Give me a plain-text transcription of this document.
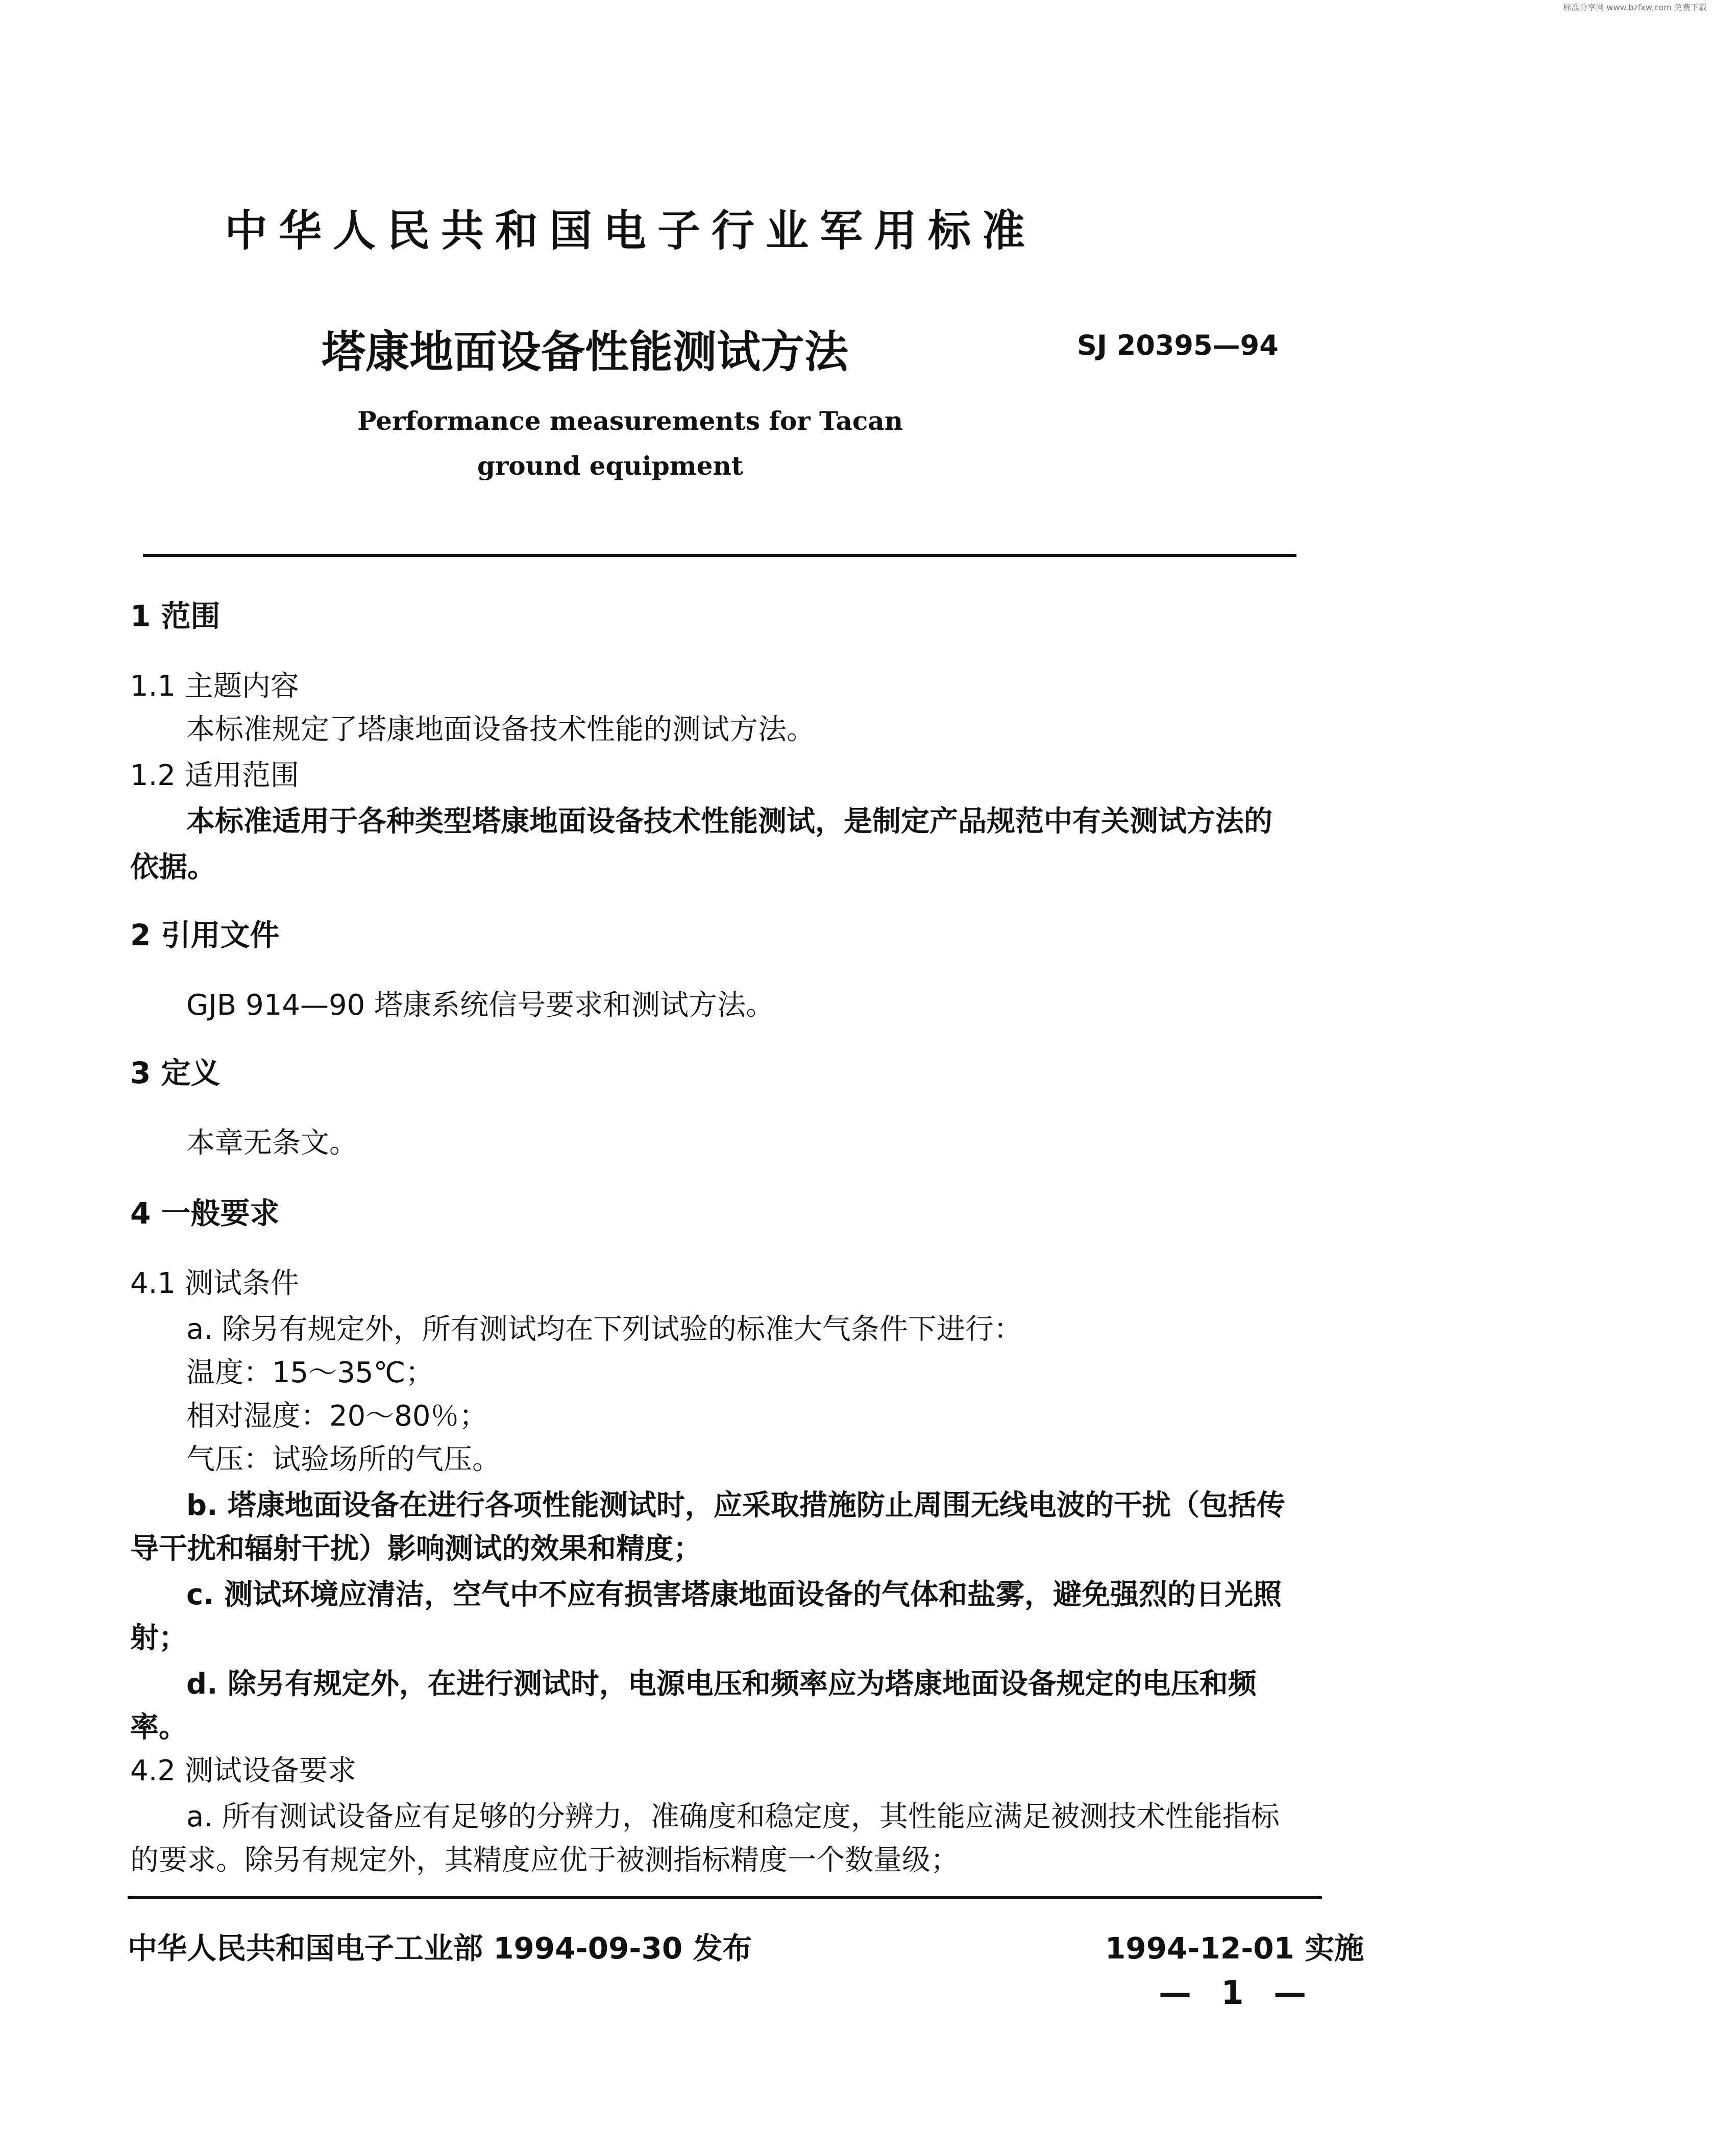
标准分享网 www.bzfxw.com 免费下载
中华人民共和国电子行业军用标准
塔康地面设备性能测试方法	SJ 20395—94
Performance measurements for Tacan
ground equipment
1 范围
1.1 主题内容
本标准规定了塔康地面设备技术性能的测试方法。
1.2 适用范围
本标准适用于各种类型塔康地面设备技术性能测试，是制定产品规范中有关测试方法的
依据。
2 引用文件
GJB 914—90 塔康系统信号要求和测试方法。
3 定义
本章无条文。
4 一般要求
4.1 测试条件
a. 除另有规定外，所有测试均在下列试验的标准大气条件下进行：
温度：15～35℃；
相对湿度：20～80％；
气压：试验场所的气压。
b. 塔康地面设备在进行各项性能测试时，应采取措施防止周围无线电波的干扰（包括传
导干扰和辐射干扰）影响测试的效果和精度；
c. 测试环境应清洁，空气中不应有损害塔康地面设备的气体和盐雾，避免强烈的日光照
射；
d. 除另有规定外，在进行测试时，电源电压和频率应为塔康地面设备规定的电压和频
率。
4.2 测试设备要求
a. 所有测试设备应有足够的分辨力，准确度和稳定度，其性能应满足被测技术性能指标
的要求。除另有规定外，其精度应优于被测指标精度一个数量级；
中华人民共和国电子工业部 1994-09-30 发布	1994-12-01 实施
— 1 —
